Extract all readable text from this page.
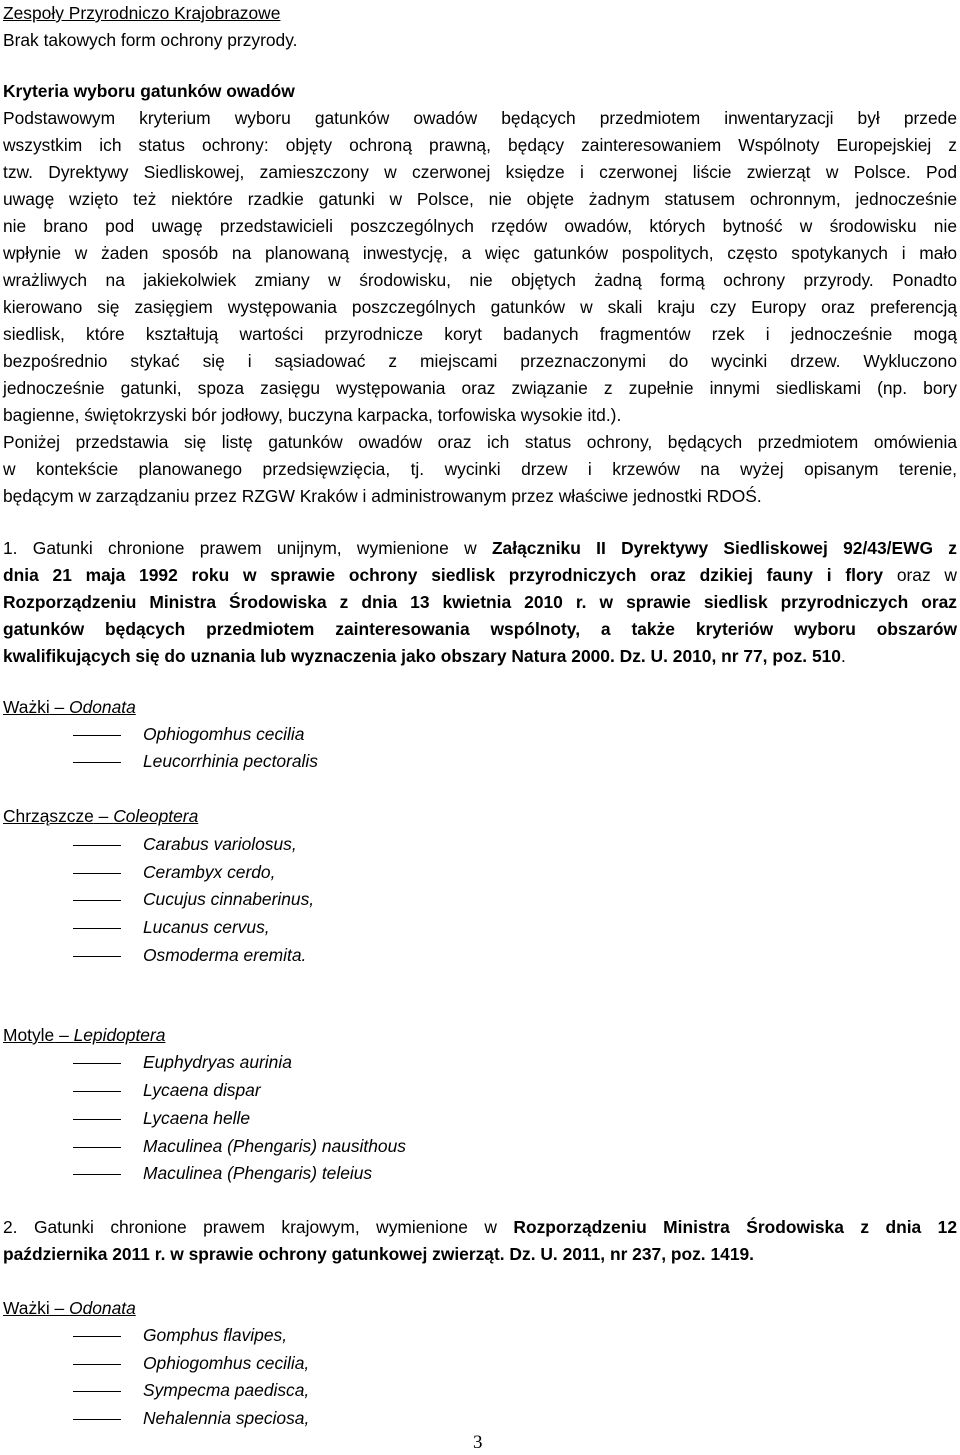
Zespoły Przyrodniczo Krajobrazowe
Brak takowych form ochrony przyrody.
Kryteria wyboru gatunków owadów
Podstawowym kryterium wyboru gatunków owadów będących przedmiotem inwentaryzacji był przede
wszystkim ich status ochrony: objęty ochroną prawną, będący zainteresowaniem Wspólnoty Europejskiej z
tzw. Dyrektywy Siedliskowej, zamieszczony w czerwonej księdze i czerwonej liście zwierząt w Polsce. Pod
uwagę wzięto też niektóre rzadkie gatunki w Polsce, nie objęte żadnym statusem ochronnym, jednocześnie
nie brano pod uwagę przedstawicieli poszczególnych rzędów owadów, których bytność w środowisku nie
wpłynie w żaden sposób na planowaną inwestycję, a więc gatunków pospolitych, często spotykanych i mało
wrażliwych na jakiekolwiek zmiany w środowisku, nie objętych żadną formą ochrony przyrody. Ponadto
kierowano się zasięgiem występowania poszczególnych gatunków w skali kraju czy Europy oraz preferencją
siedlisk, które kształtują wartości przyrodnicze koryt badanych fragmentów rzek i jednocześnie mogą
bezpośrednio stykać się i sąsiadować z miejscami przeznaczonymi do wycinki drzew. Wykluczono
jednocześnie gatunki, spoza zasięgu występowania oraz związanie z zupełnie innymi siedliskami (np. bory
bagienne, świętokrzyski bór jodłowy, buczyna karpacka, torfowiska wysokie itd.).
Poniżej przedstawia się listę gatunków owadów oraz ich status ochrony, będących przedmiotem omówienia
w kontekście planowanego przedsięwzięcia, tj. wycinki drzew i krzewów na wyżej opisanym terenie,
będącym w zarządzaniu przez RZGW Kraków i administrowanym przez właściwe jednostki RDOŚ.
1. Gatunki chronione prawem unijnym, wymienione w Załączniku II Dyrektywy Siedliskowej 92/43/EWG z
dnia 21 maja 1992 roku w sprawie ochrony siedlisk przyrodniczych oraz dzikiej fauny i flory oraz w
Rozporządzeniu Ministra Środowiska z dnia 13 kwietnia 2010 r. w sprawie siedlisk przyrodniczych oraz
gatunków będących przedmiotem zainteresowania wspólnoty, a także kryteriów wyboru obszarów
kwalifikujących się do uznania lub wyznaczenia jako obszary Natura 2000. Dz. U. 2010, nr 77, poz. 510.
Ważki – Odonata
Ophiogomhus cecilia
Leucorrhinia pectoralis
Chrząszcze – Coleoptera
Carabus variolosus,
Cerambyx cerdo,
Cucujus cinnaberinus,
Lucanus cervus,
Osmoderma eremita.
Motyle – Lepidoptera
Euphydryas aurinia
Lycaena dispar
Lycaena helle
Maculinea (Phengaris) nausithous
Maculinea (Phengaris) teleius
2. Gatunki chronione prawem krajowym, wymienione w Rozporządzeniu Ministra Środowiska z dnia 12
października 2011 r. w sprawie ochrony gatunkowej zwierząt. Dz. U. 2011, nr 237, poz. 1419.
Ważki – Odonata
Gomphus flavipes,
Ophiogomhus cecilia,
Sympecma paedisca,
Nehalennia speciosa,
3
